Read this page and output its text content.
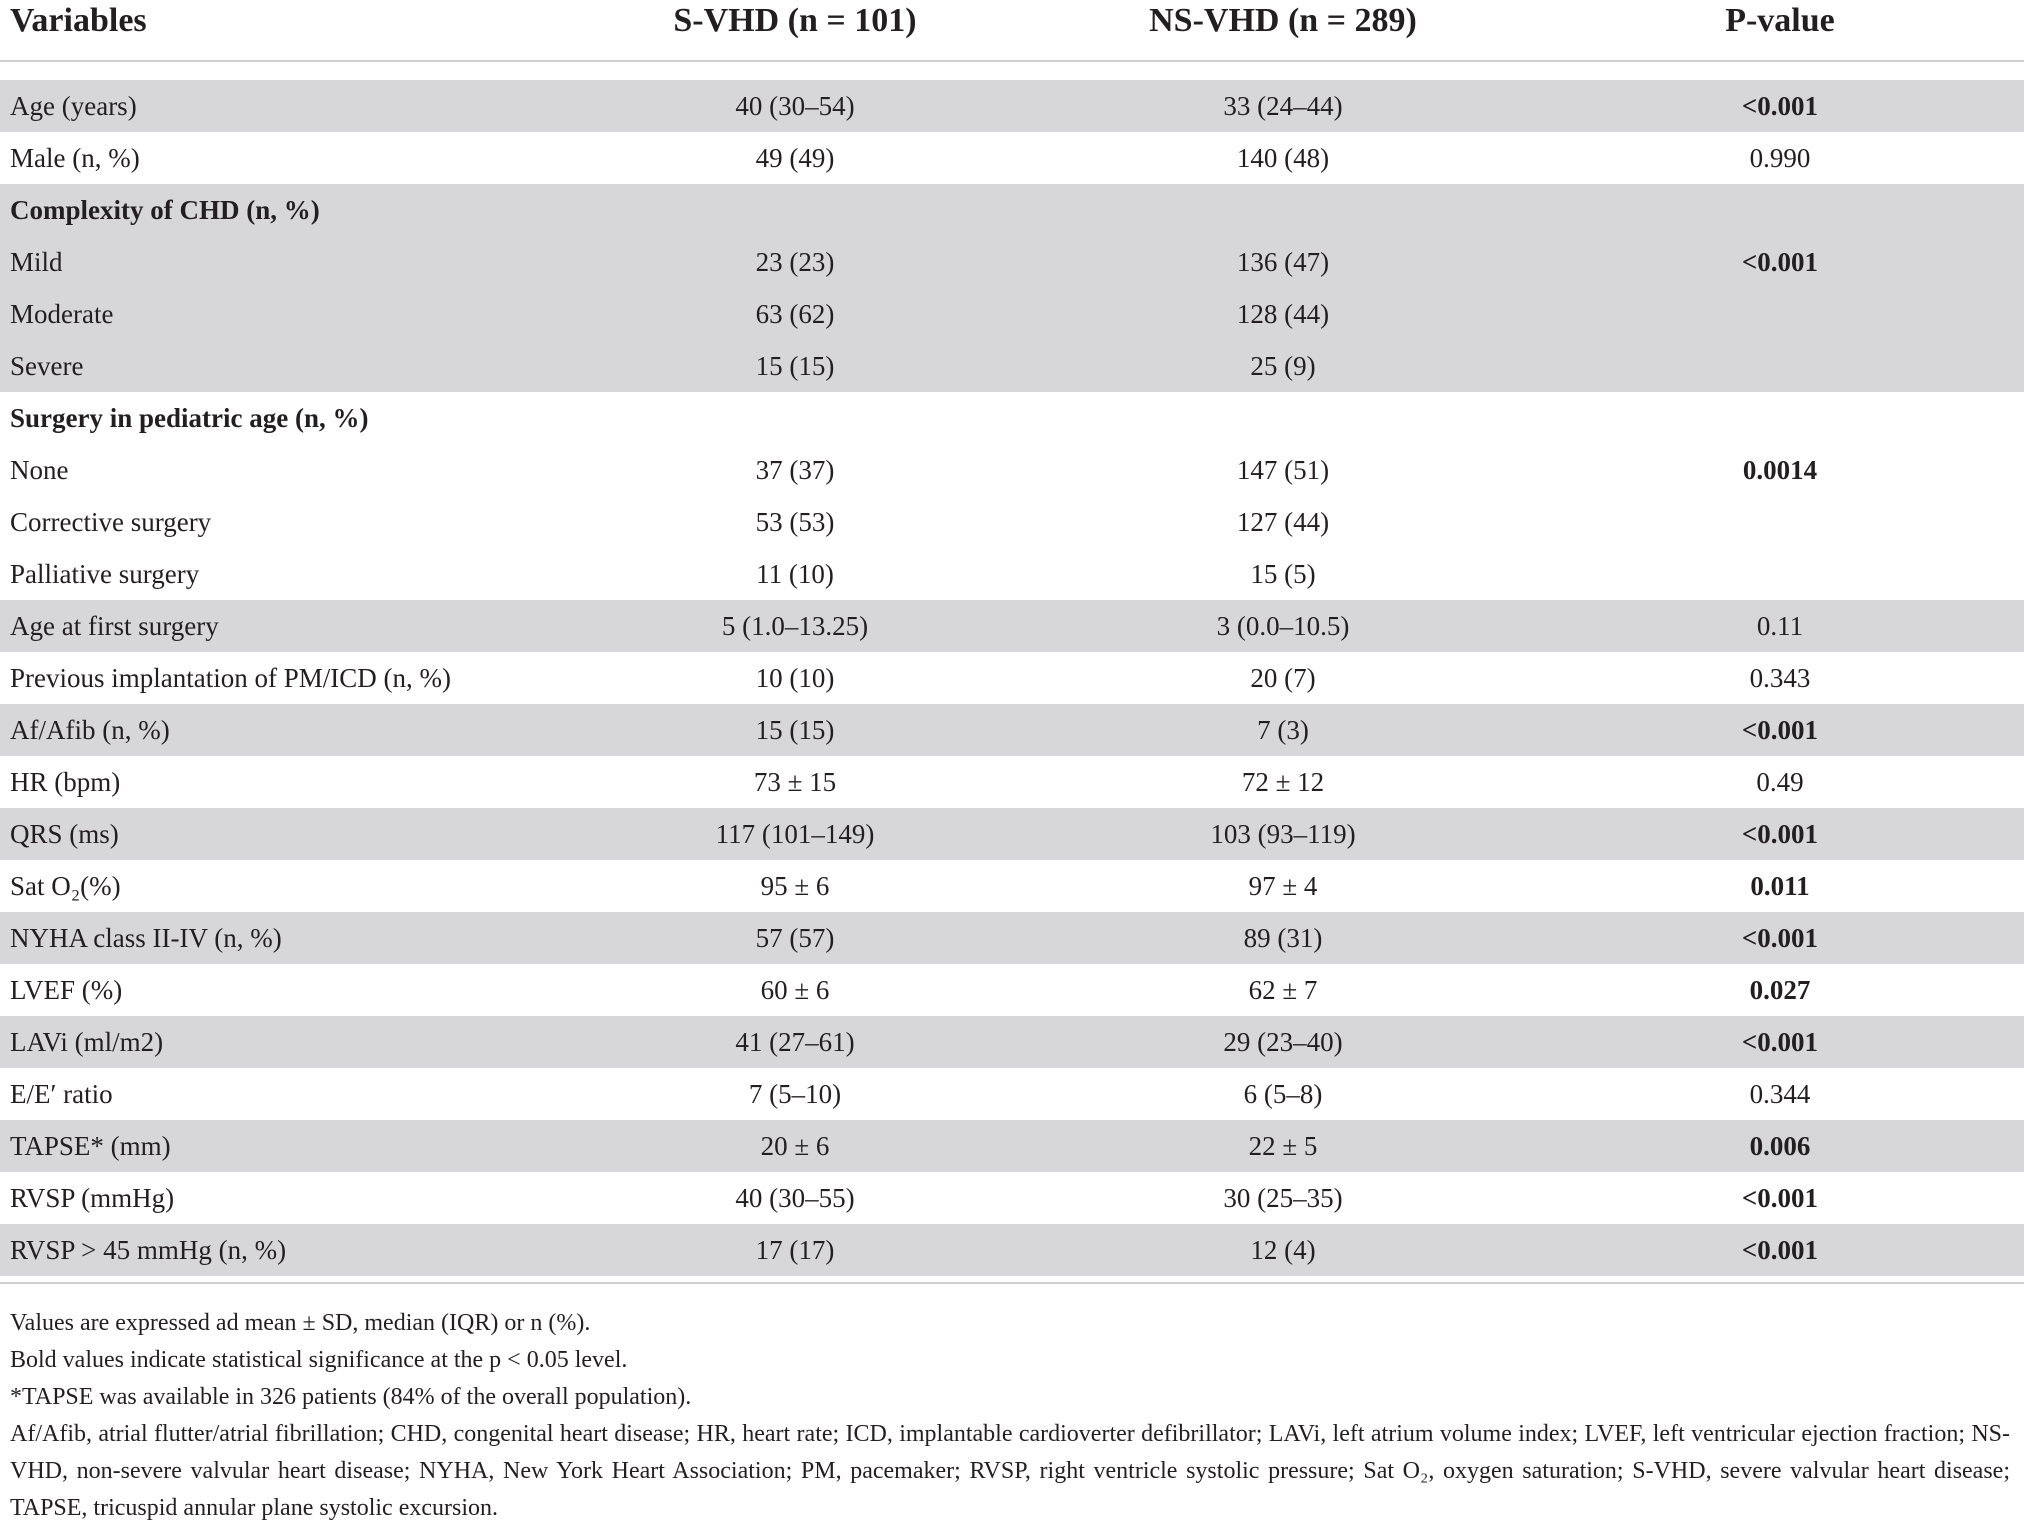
Variables	S-VHD (n = 101)	NS-VHD (n = 289)	P-value
Age (years)	40 (30–54)	33 (24–44)	<0.001
Male (n, %)	49 (49)	140 (48)	0.990
Complexity of CHD (n, %)
Mild	23 (23)	136 (47)	<0.001
Moderate	63 (62)	128 (44)
Severe	15 (15)	25 (9)
Surgery in pediatric age (n, %)
None	37 (37)	147 (51)	0.0014
Corrective surgery	53 (53)	127 (44)
Palliative surgery	11 (10)	15 (5)
Age at first surgery	5 (1.0–13.25)	3 (0.0–10.5)	0.11
Previous implantation of PM/ICD (n, %)	10 (10)	20 (7)	0.343
Af/Afib (n, %)	15 (15)	7 (3)	<0.001
HR (bpm)	73 ± 15	72 ± 12	0.49
QRS (ms)	117 (101–149)	103 (93–119)	<0.001
Sat O₂(%)	95 ± 6	97 ± 4	0.011
NYHA class II-IV (n, %)	57 (57)	89 (31)	<0.001
LVEF (%)	60 ± 6	62 ± 7	0.027
LAVi (ml/m2)	41 (27–61)	29 (23–40)	<0.001
E/E′ ratio	7 (5–10)	6 (5–8)	0.344
TAPSE* (mm)	20 ± 6	22 ± 5	0.006
RVSP (mmHg)	40 (30–55)	30 (25–35)	<0.001
RVSP > 45 mmHg (n, %)	17 (17)	12 (4)	<0.001

Values are expressed ad mean ± SD, median (IQR) or n (%).

Bold values indicate statistical significance at the p < 0.05 level.

*TAPSE was available in 326 patients (84% of the overall population).

Af/Afib, atrial flutter/atrial fibrillation; CHD, congenital heart disease; HR, heart rate; ICD, implantable cardioverter defibrillator; LAVi, left atrium volume index; LVEF, left ventricular ejection fraction; NS-VHD, non-severe valvular heart disease; NYHA, New York Heart Association; PM, pacemaker; RVSP, right ventricle systolic pressure; Sat O₂, oxygen saturation; S-VHD, severe valvular heart disease; TAPSE, tricuspid annular plane systolic excursion.
